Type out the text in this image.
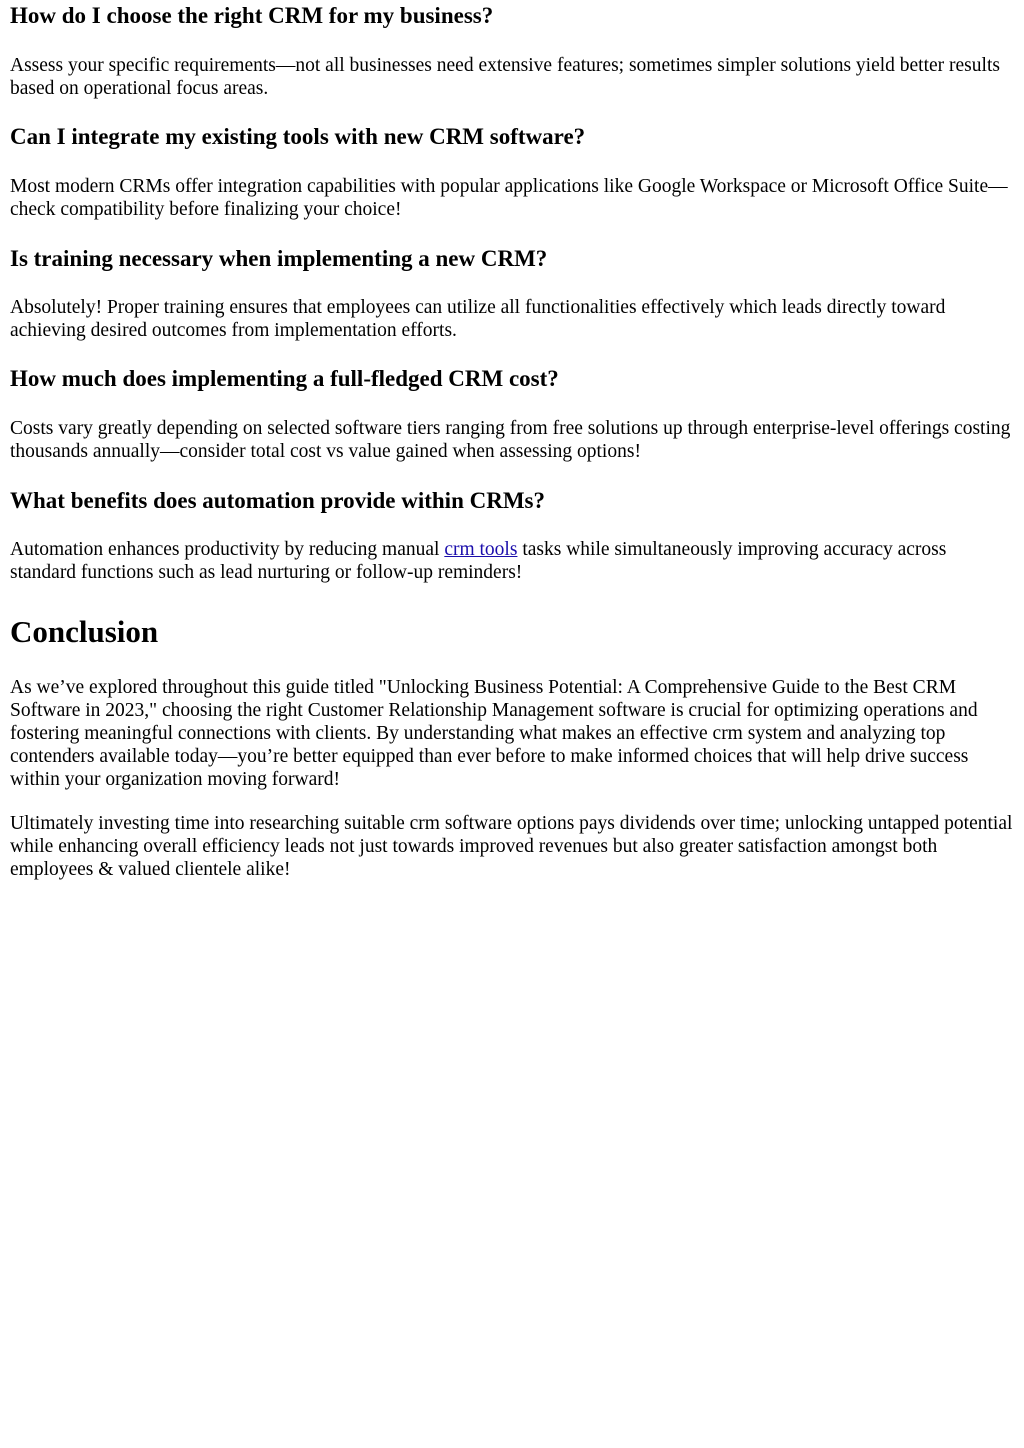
How do I choose the right CRM for my business?

Assess your specific requirements—not all businesses need extensive features; sometimes simpler solutions yield better results based on operational focus areas.

Can I integrate my existing tools with new CRM software?

Most modern CRMs offer integration capabilities with popular applications like Google Workspace or Microsoft Office Suite—check compatibility before finalizing your choice!

Is training necessary when implementing a new CRM?

Absolutely! Proper training ensures that employees can utilize all functionalities effectively which leads directly toward achieving desired outcomes from implementation efforts.

How much does implementing a full-fledged CRM cost?

Costs vary greatly depending on selected software tiers ranging from free solutions up through enterprise-level offerings costing thousands annually—consider total cost vs value gained when assessing options!

What benefits does automation provide within CRMs?

Automation enhances productivity by reducing manual crm tools tasks while simultaneously improving accuracy across standard functions such as lead nurturing or follow-up reminders!

Conclusion

As we’ve explored throughout this guide titled "Unlocking Business Potential: A Comprehensive Guide to the Best CRM Software in 2023," choosing the right Customer Relationship Management software is crucial for optimizing operations and fostering meaningful connections with clients. By understanding what makes an effective crm system and analyzing top contenders available today—you’re better equipped than ever before to make informed choices that will help drive success within your organization moving forward!

Ultimately investing time into researching suitable crm software options pays dividends over time; unlocking untapped potential while enhancing overall efficiency leads not just towards improved revenues but also greater satisfaction amongst both employees & valued clientele alike!
